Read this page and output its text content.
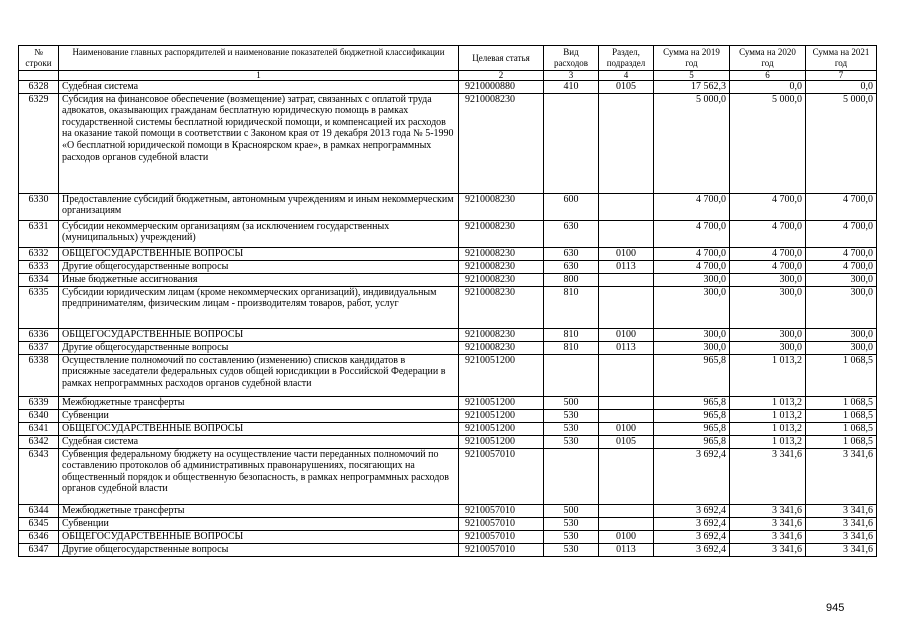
№ строки	Наименование главных распорядителей и наименование показателей бюджетной классификации	Целевая статья	Вид расходов	Раздел, подраздел	Сумма на 2019 год	Сумма на 2020 год	Сумма на 2021 год
	1	2	3	4	5	6	7
6328	Судебная система	9210000880	410	0105	17 562,3	0,0	0,0
6329	Субсидия на финансовое обеспечение (возмещение) затрат, связанных с оплатой труда адвокатов, оказывающих гражданам бесплатную юридическую помощь в рамках государственной системы бесплатной юридической помощи, и компенсацией их расходов на оказание такой помощи в соответствии с Законом края от 19 декабря 2013 года № 5-1990 «О бесплатной юридической помощи в Красноярском крае», в рамках непрограммных расходов органов судебной власти	9210008230			5 000,0	5 000,0	5 000,0
6330	Предоставление субсидий бюджетным, автономным учреждениям и иным некоммерческим организациям	9210008230	600		4 700,0	4 700,0	4 700,0
6331	Субсидии некоммерческим организациям (за исключением государственных (муниципальных) учреждений)	9210008230	630		4 700,0	4 700,0	4 700,0
6332	ОБЩЕГОСУДАРСТВЕННЫЕ ВОПРОСЫ	9210008230	630	0100	4 700,0	4 700,0	4 700,0
6333	Другие общегосударственные вопросы	9210008230	630	0113	4 700,0	4 700,0	4 700,0
6334	Иные бюджетные ассигнования	9210008230	800		300,0	300,0	300,0
6335	Субсидии юридическим лицам (кроме некоммерческих организаций), индивидуальным предпринимателям, физическим лицам - производителям товаров, работ, услуг	9210008230	810		300,0	300,0	300,0
6336	ОБЩЕГОСУДАРСТВЕННЫЕ ВОПРОСЫ	9210008230	810	0100	300,0	300,0	300,0
6337	Другие общегосударственные вопросы	9210008230	810	0113	300,0	300,0	300,0
6338	Осуществление полномочий по составлению (изменению) списков кандидатов в присяжные заседатели федеральных судов общей юрисдикции в Российской Федерации в рамках непрограммных расходов органов судебной власти	9210051200			965,8	1 013,2	1 068,5
6339	Межбюджетные трансферты	9210051200	500		965,8	1 013,2	1 068,5
6340	Субвенции	9210051200	530		965,8	1 013,2	1 068,5
6341	ОБЩЕГОСУДАРСТВЕННЫЕ ВОПРОСЫ	9210051200	530	0100	965,8	1 013,2	1 068,5
6342	Судебная система	9210051200	530	0105	965,8	1 013,2	1 068,5
6343	Субвенция федеральному бюджету на осуществление части переданных полномочий по составлению протоколов об административных правонарушениях, посягающих на общественный порядок и общественную безопасность, в рамках непрограммных расходов органов судебной власти	9210057010			3 692,4	3 341,6	3 341,6
6344	Межбюджетные трансферты	9210057010	500		3 692,4	3 341,6	3 341,6
6345	Субвенции	9210057010	530		3 692,4	3 341,6	3 341,6
6346	ОБЩЕГОСУДАРСТВЕННЫЕ ВОПРОСЫ	9210057010	530	0100	3 692,4	3 341,6	3 341,6
6347	Другие общегосударственные вопросы	9210057010	530	0113	3 692,4	3 341,6	3 341,6
945
